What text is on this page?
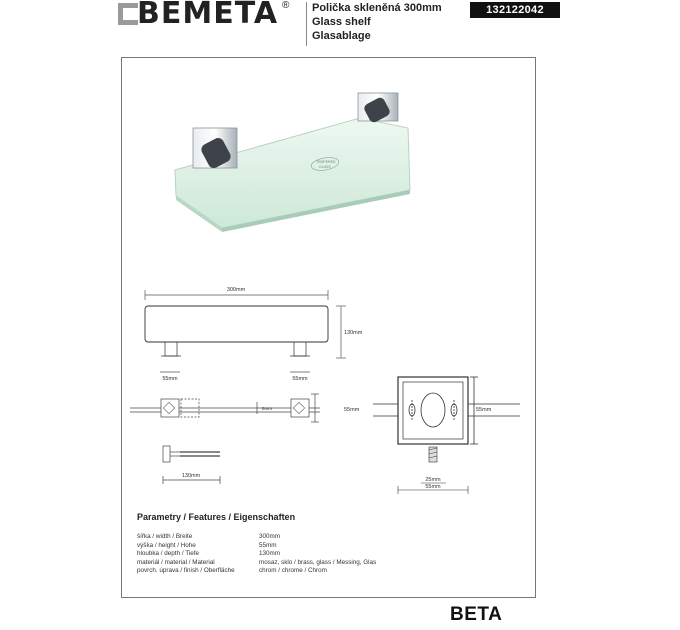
BEMETA ® Polička skleněná 300mm
Glass shelf
Glasablage
132122042
TEMPERED
GLASS
300mm
130mm
55mm	55mm
55mm
8mm
130mm
55mm
25mm
55mm
Parametry / Features / Eigenschaften
šířka / width / Breite	300mm
výška / height / Hohe	55mm
hloubka / depth / Tiefe	130mm
materiál / material / Material	mosaz, sklo / brass, glass / Messing, Glas
povrch. úprava / finish / Oberfläche	chrom / chrome / Chrom
BETA
